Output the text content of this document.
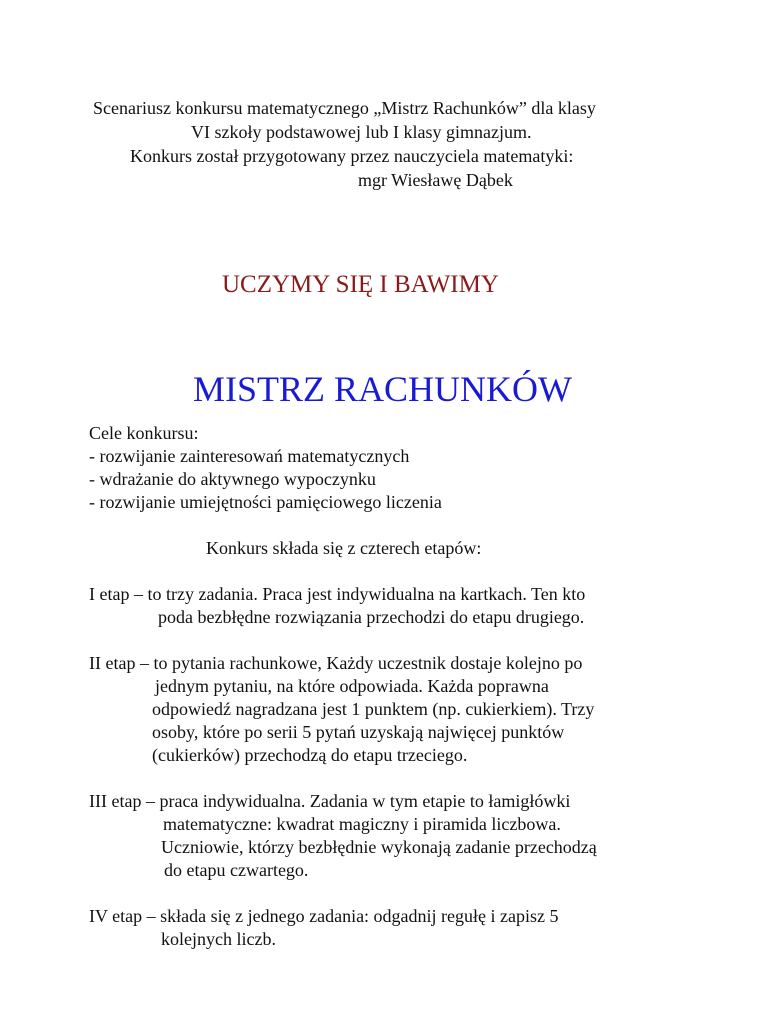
Scenariusz konkursu matematycznego „Mistrz Rachunków” dla klasy
VI szkoły podstawowej lub I klasy gimnazjum.
Konkurs został przygotowany przez nauczyciela matematyki:
mgr Wiesławę Dąbek
UCZYMY SIĘ I BAWIMY
MISTRZ RACHUNKÓW
Cele konkursu:
- rozwijanie zainteresowań matematycznych
- wdrażanie do aktywnego wypoczynku
- rozwijanie umiejętności pamięciowego liczenia
Konkurs składa się z czterech etapów:
I etap – to trzy zadania. Praca jest indywidualna na kartkach. Ten kto
poda bezbłędne rozwiązania przechodzi do etapu drugiego.
II etap – to pytania rachunkowe, Każdy uczestnik dostaje kolejno po
jednym pytaniu, na które odpowiada. Każda poprawna
odpowiedź nagradzana jest 1 punktem (np. cukierkiem). Trzy
osoby, które po serii 5 pytań uzyskają najwięcej punktów
(cukierków) przechodzą do etapu trzeciego.
III etap – praca indywidualna. Zadania w tym etapie to łamigłówki
matematyczne: kwadrat magiczny i piramida liczbowa.
Uczniowie, którzy bezbłędnie wykonają zadanie przechodzą
do etapu czwartego.
IV etap – składa się z jednego zadania: odgadnij regułę i zapisz 5
kolejnych liczb.
